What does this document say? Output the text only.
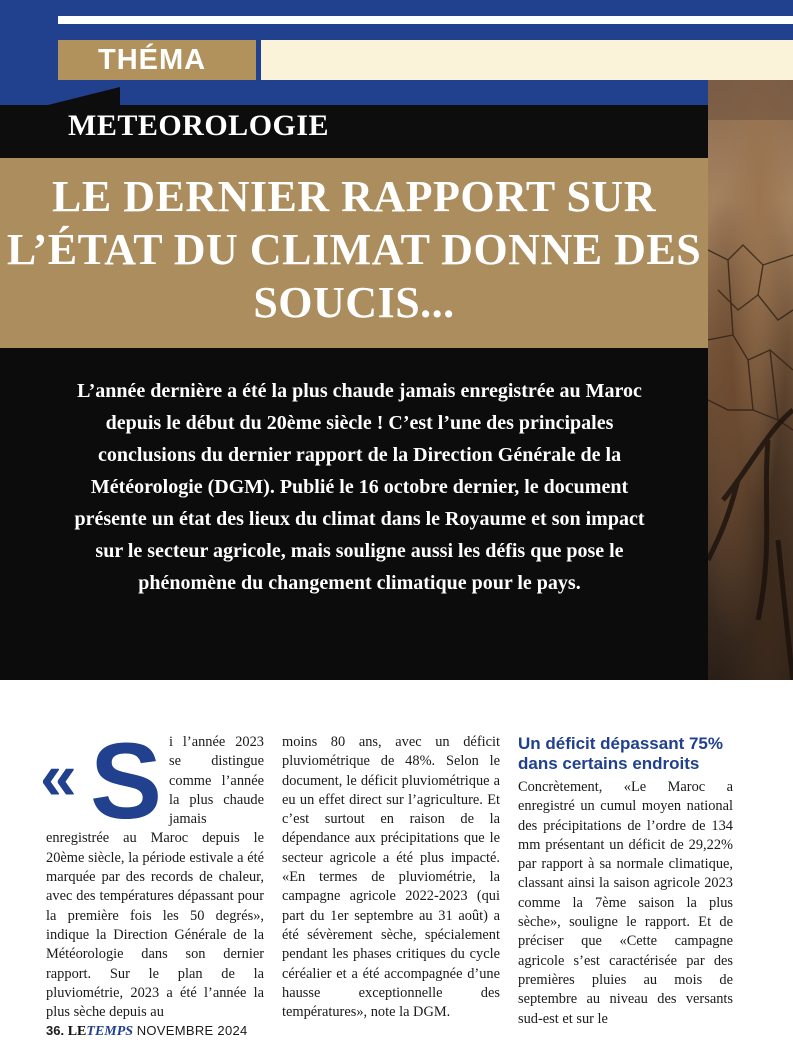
THÉMA
METEOROLOGIE
LE DERNIER RAPPORT SUR L’ÉTAT DU CLIMAT DONNE DES SOUCIS...

L’année dernière a été la plus chaude jamais enregistrée au Maroc depuis le début du 20ème siècle ! C’est l’une des principales conclusions du dernier rapport de la Direction Générale de la Météorologie (DGM). Publié le 16 octobre dernier, le document présente un état des lieux du climat dans le Royaume et son impact sur le secteur agricole, mais souligne aussi les défis que pose le phénomène du changement climatique pour le pays.

« S i l’année 2023 se distingue comme l’année la plus chaude jamais enregistrée au Maroc depuis le 20ème siècle, la période estivale a été marquée par des records de chaleur, avec des températures dépassant pour la première fois les 50 degrés», indique la Direction Générale de la Météorologie dans son dernier rapport. Sur le plan de la pluviométrie, 2023 a été l’année la plus sèche depuis au

moins 80 ans, avec un déficit pluviométrique de 48%. Selon le document, le déficit pluviométrique a eu un effet direct sur l’agriculture. Et c’est surtout en raison de la dépendance aux précipitations que le secteur agricole a été plus impacté. «En termes de pluviométrie, la campagne agricole 2022-2023 (qui part du 1er septembre au 31 août) a été sévèrement sèche, spécialement pendant les phases critiques du cycle céréalier et a été accompagnée d’une hausse exceptionnelle des températures», note la DGM.

Un déficit dépassant 75% dans certains endroits

Concrètement, «Le Maroc a enregistré un cumul moyen national des précipitations de l’ordre de 134 mm présentant un déficit de 29,22% par rapport à sa normale climatique, classant ainsi la saison agricole 2023 comme la 7ème saison la plus sèche», souligne le rapport. Et de préciser que «Cette campagne agricole s’est caractérisée par des premières pluies au mois de septembre au niveau des versants sud-est et sur le

36. LETEMPS NOVEMBRE 2024
